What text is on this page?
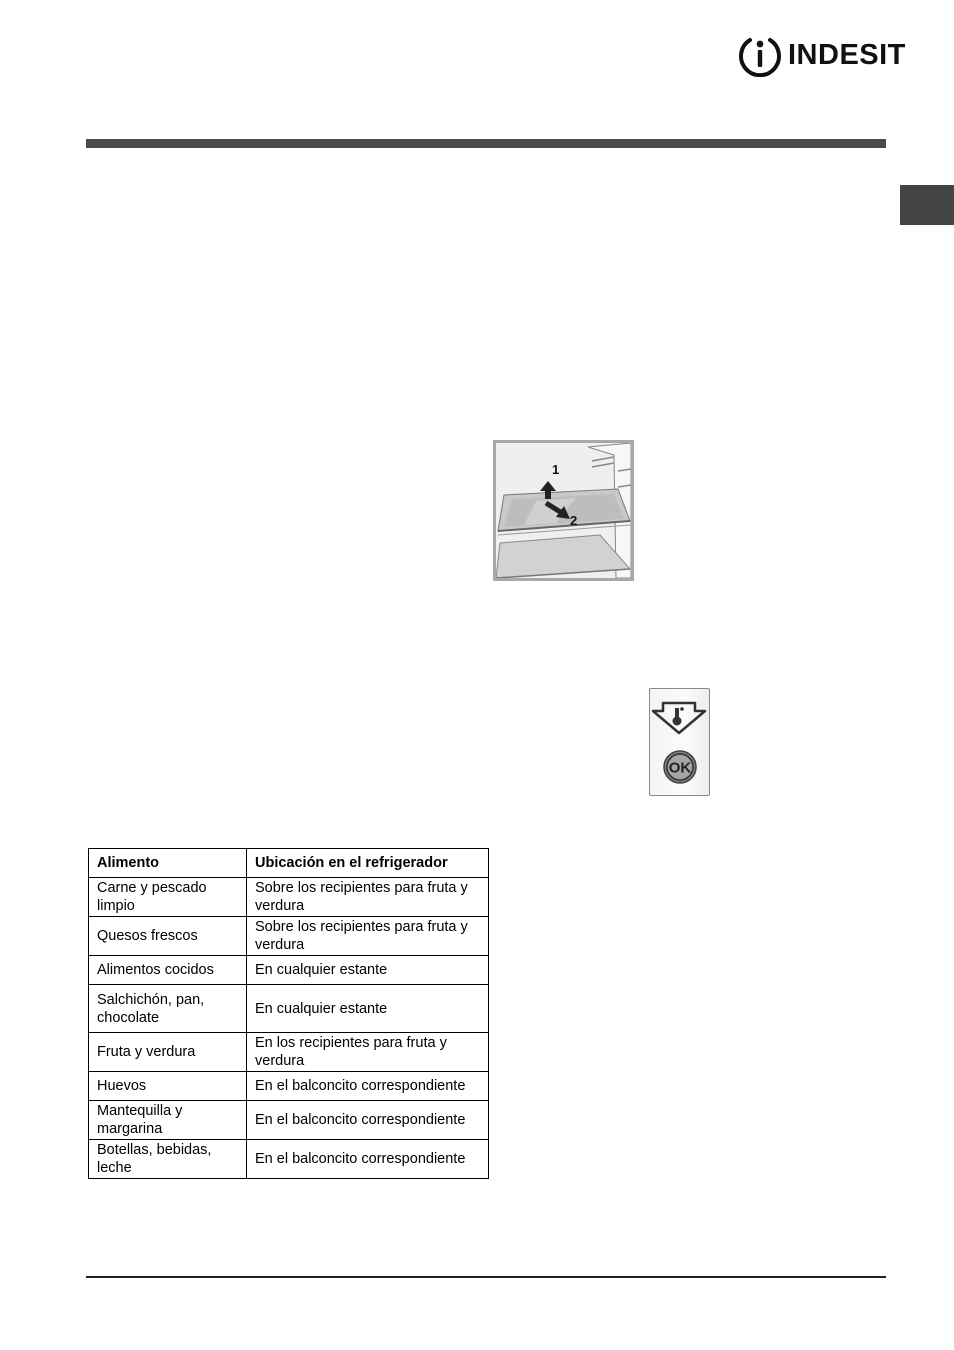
INDESIT
1
2
OK
Alimento	Ubicación en el refrigerador
Carne y pescado limpio	Sobre los recipientes para fruta y verdura
Quesos frescos	Sobre los recipientes para fruta y verdura
Alimentos cocidos	En cualquier estante
Salchichón, pan, chocolate	En cualquier estante
Fruta y verdura	En los recipientes para fruta y verdura
Huevos	En el balconcito correspondiente
Mantequilla y margarina	En el balconcito correspondiente
Botellas, bebidas, leche	En el balconcito correspondiente
